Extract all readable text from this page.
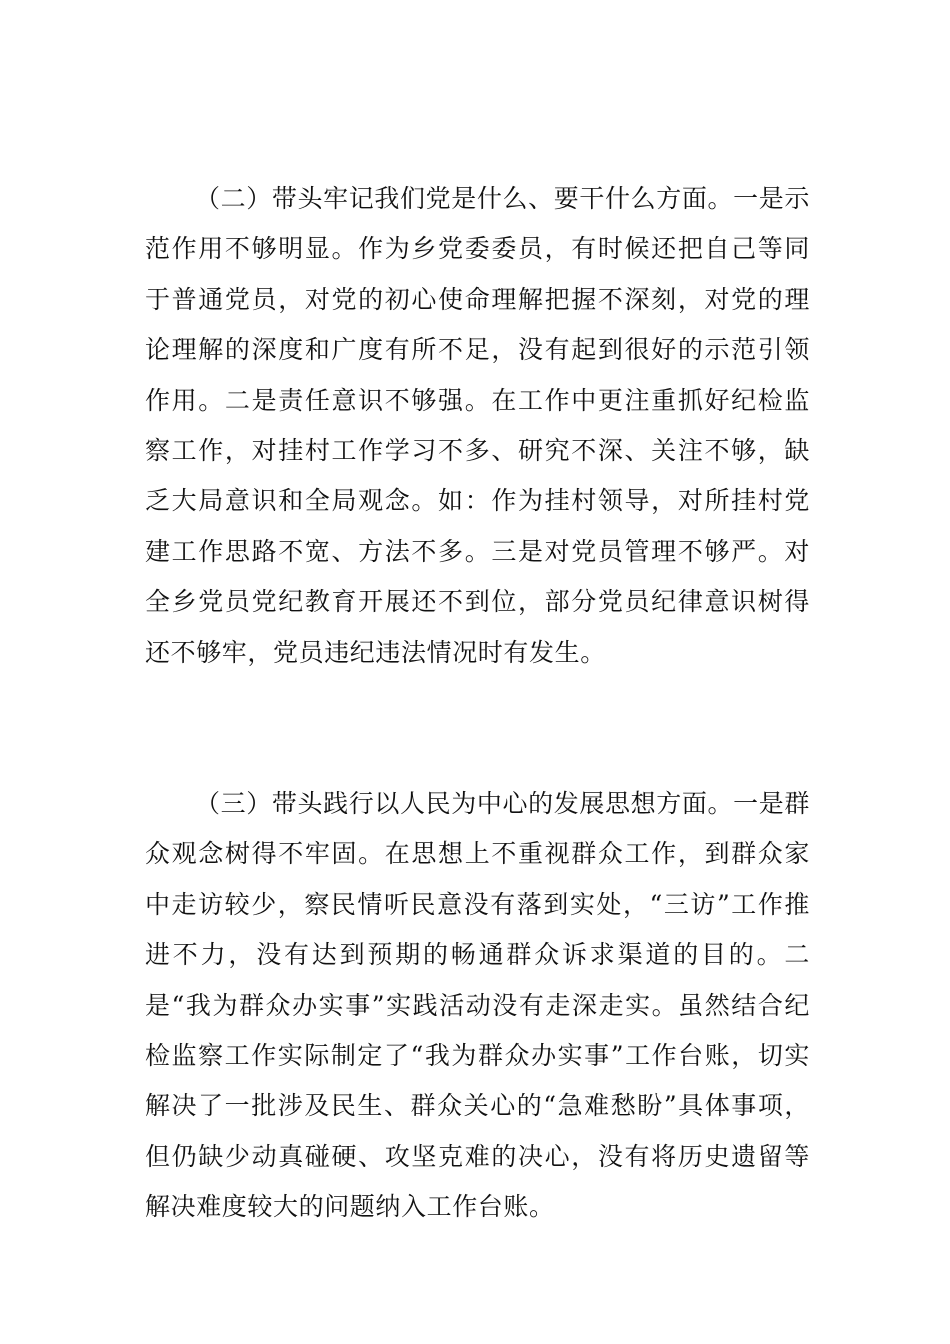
（二）带头牢记我们党是什么、要干什么方面。一是示范作用不够明显。作为乡党委委员，有时候还把自己等同于普通党员，对党的初心使命理解把握不深刻，对党的理论理解的深度和广度有所不足，没有起到很好的示范引领作用。二是责任意识不够强。在工作中更注重抓好纪检监察工作，对挂村工作学习不多、研究不深、关注不够，缺乏大局意识和全局观念。如：作为挂村领导，对所挂村党建工作思路不宽、方法不多。三是对党员管理不够严。对全乡党员党纪教育开展还不到位，部分党员纪律意识树得还不够牢，党员违纪违法情况时有发生。

（三）带头践行以人民为中心的发展思想方面。一是群众观念树得不牢固。在思想上不重视群众工作，到群众家中走访较少，察民情听民意没有落到实处，“三访”工作推进不力，没有达到预期的畅通群众诉求渠道的目的。二是“我为群众办实事”实践活动没有走深走实。虽然结合纪检监察工作实际制定了“我为群众办实事”工作台账，切实解决了一批涉及民生、群众关心的“急难愁盼”具体事项，但仍缺少动真碰硬、攻坚克难的决心，没有将历史遗留等解决难度较大的问题纳入工作台账。
